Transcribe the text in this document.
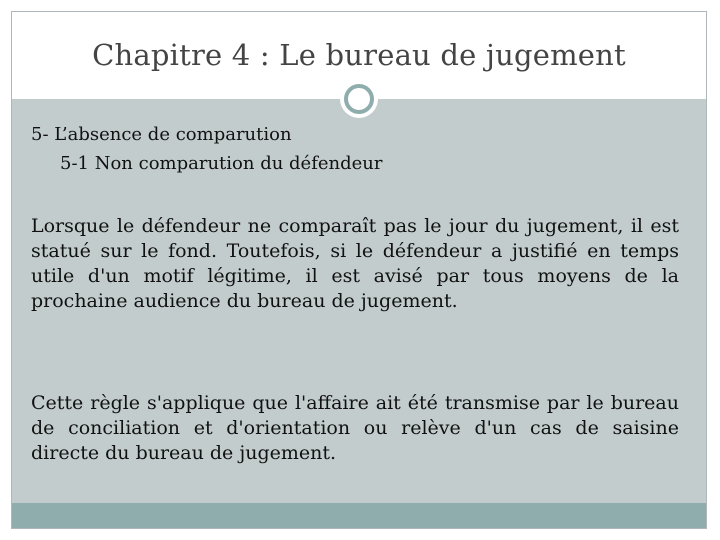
Chapitre 4 : Le bureau de jugement
5- L’absence de comparution
5-1 Non comparution du défendeur

Lorsque le défendeur ne comparaît pas le jour du jugement, il est statué sur le fond. Toutefois, si le défendeur a justifié en temps utile d'un motif légitime, il est avisé par tous moyens de la prochaine audience du bureau de jugement.

Cette règle s'applique que l'affaire ait été transmise par le bureau de conciliation et d'orientation ou relève d'un cas de saisine directe du bureau de jugement.
